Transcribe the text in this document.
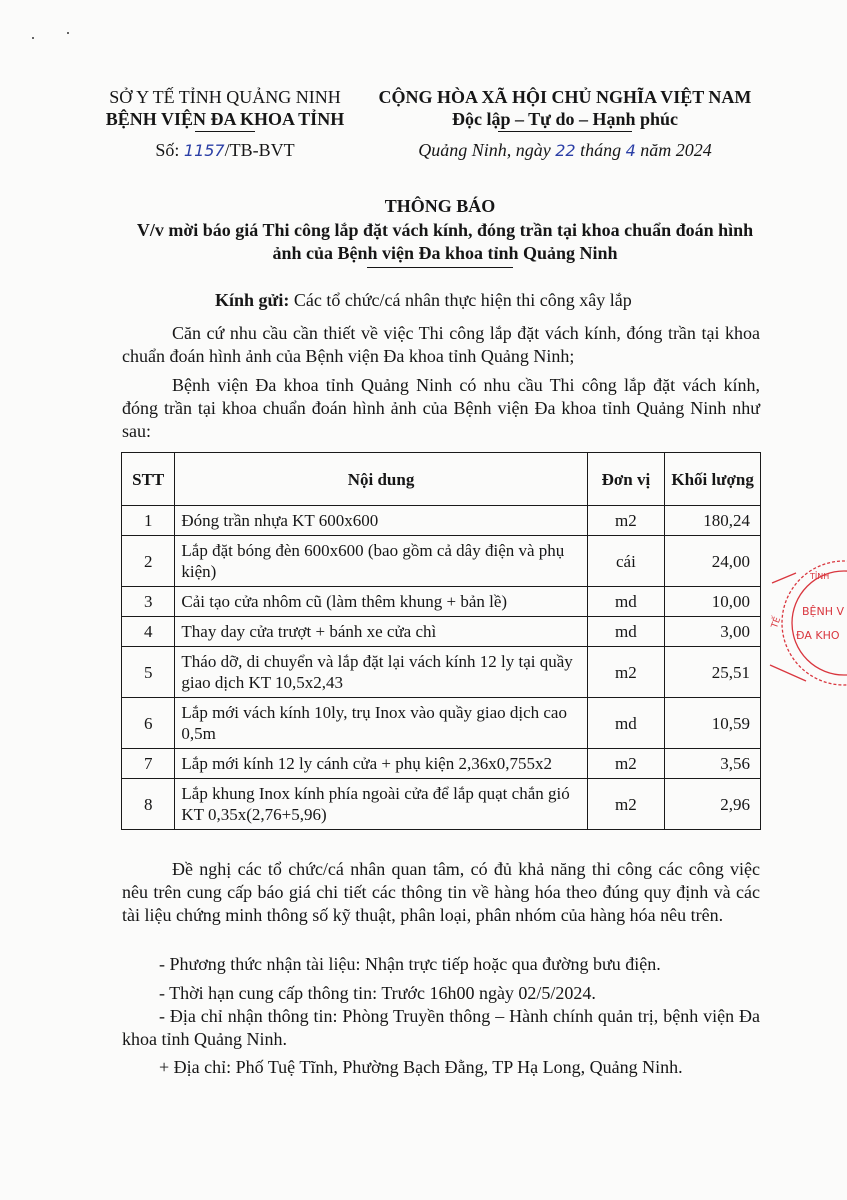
SỞ Y TẾ TỈNH QUẢNG NINH
BỆNH VIỆN ĐA KHOA TỈNH
CỘNG HÒA XÃ HỘI CHỦ NGHĨA VIỆT NAM
Độc lập – Tự do – Hạnh phúc
Số: 1157/TB-BVT	Quảng Ninh, ngày 22 tháng 4 năm 2024
THÔNG BÁO
V/v mời báo giá Thi công lắp đặt vách kính, đóng trần tại khoa chuẩn đoán hình ảnh của Bệnh viện Đa khoa tỉnh Quảng Ninh
Kính gửi: Các tổ chức/cá nhân thực hiện thi công xây lắp

Căn cứ nhu cầu cần thiết về việc Thi công lắp đặt vách kính, đóng trần tại khoa chuẩn đoán hình ảnh của Bệnh viện Đa khoa tỉnh Quảng Ninh;

Bệnh viện Đa khoa tỉnh Quảng Ninh có nhu cầu Thi công lắp đặt vách kính, đóng trần tại khoa chuẩn đoán hình ảnh của Bệnh viện Đa khoa tỉnh Quảng Ninh như sau:

STT	Nội dung	Đơn vị	Khối lượng
1	Đóng trần nhựa KT 600x600	m2	180,24
2	Lắp đặt bóng đèn 600x600 (bao gồm cả dây điện và phụ kiện)	cái	24,00
3	Cải tạo cửa nhôm cũ (làm thêm khung + bản lề)	md	10,00
4	Thay day cửa trượt + bánh xe cửa chì	md	3,00
5	Tháo dỡ, di chuyển và lắp đặt lại vách kính 12 ly tại quầy giao dịch KT 10,5x2,43	m2	25,51
6	Lắp mới vách kính 10ly, trụ Inox vào quầy giao dịch cao 0,5m	md	10,59
7	Lắp mới kính 12 ly cánh cửa + phụ kiện 2,36x0,755x2	m2	3,56
8	Lắp khung Inox kính phía ngoài cửa để lắp quạt chắn gió KT 0,35x(2,76+5,96)	m2	2,96

Đề nghị các tổ chức/cá nhân quan tâm, có đủ khả năng thi công các công việc nêu trên cung cấp báo giá chi tiết các thông tin về hàng hóa theo đúng quy định và các tài liệu chứng minh thông số kỹ thuật, phân loại, phân nhóm của hàng hóa nêu trên.

- Phương thức nhận tài liệu: Nhận trực tiếp hoặc qua đường bưu điện.

- Thời hạn cung cấp thông tin: Trước 16h00 ngày 02/5/2024.

- Địa chỉ nhận thông tin: Phòng Truyền thông – Hành chính quản trị, bệnh viện Đa khoa tỉnh Quảng Ninh.

+ Địa chỉ: Phố Tuệ Tĩnh, Phường Bạch Đằng, TP Hạ Long, Quảng Ninh.

TỈNH
TẾ
BỆNH V
ĐA KHO
